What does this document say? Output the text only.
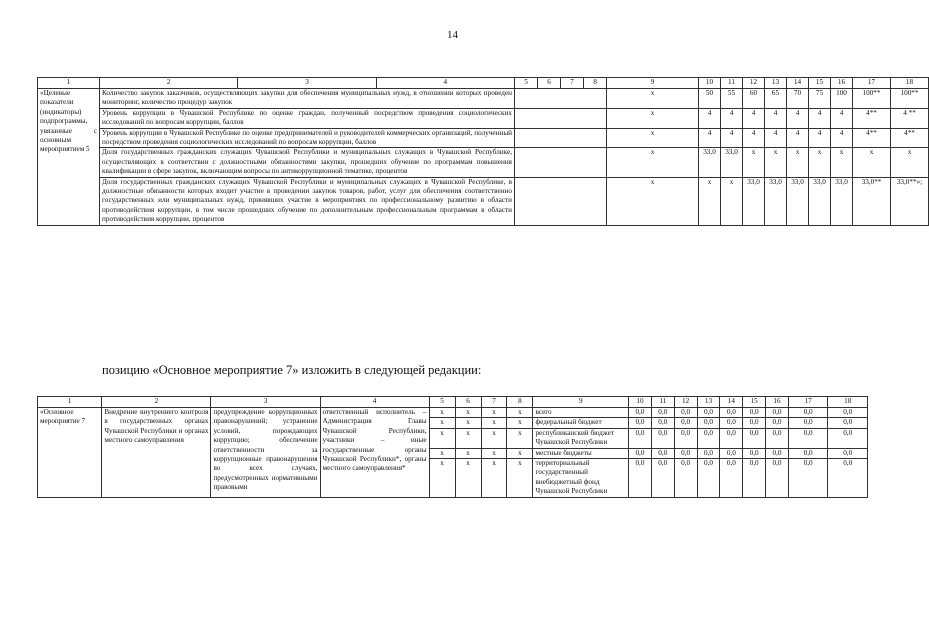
14
1	2 3 4	5	6	7	8	9	10	11	12	13	14	15	16	17	18
«Целевые показатели (индикаторы) подпрограммы, увязанные с основным мероприятием 5	Количество закупок заказчиков, осуществляющих закупки для обеспечения муниципальных нужд, в отношении которых проведен мониторинг, количество процедур закупок					х	50	55	60	65	70	75	100	100**	100**
	Уровень коррупции в Чувашской Республике по оценке граждан, полученный посредством проведения социологических исследований по вопросам коррупции, баллов					х	4	4	4	4	4	4	4	4**	4 **
	Уровень коррупции в Чувашской Республике по оценке предпринимателей и руководителей коммерческих организаций, полученный посредством проведения социологических исследований по вопросам коррупции, баллов					х	4	4	4	4	4	4	4	4**	4**
	Доля государственных гражданских служащих Чувашской Республики и муниципальных служащих в Чувашской Республике, осуществляющих в соответствии с должностными обязанностями закупки, прошедших обучение по программам повышения квалификации в сфере закупок, включающим вопросы по антикоррупционной тематике, процентов					х	33,0	33,0	х	х	х	х	х	х	х
	Доля государственных гражданских служащих Чувашской Республики и муниципальных служащих в Чувашской Республике, в должностные обязанности которых входит участие в проведении закупок товаров, работ, услуг для обеспечения соответственно государственных или муниципальных нужд, принявших участие в мероприятиях по профессиональному развитию в области противодействия коррупции, в том числе прошедших обучение по дополнительным профессиональным программам в области противодействия коррупции, процентов					х	х	х	33,0	33,0	33,0	33,0	33,0	33,0**	33,0**»;
позицию «Основное мероприятие 7» изложить в следующей редакции:
1	2	3	4	5	6	7	8	9	10	11	12	13	14	15	16	17	18
«Основное мероприятие 7	Внедрение внутреннего контроля в государственных органах Чувашской Республики и органах местного самоуправления	предупреждение коррупционных правонарушений; устранение условий, порождающих коррупцию; обеспечение ответственности за коррупционные правонарушения во всех случаях, предусмотренных нормативными правовыми	ответственный исполнитель – Администрация Главы Чувашской Республики, участники – иные государственные органы Чувашской Республики*, органы местного самоуправления*	х	х	х	х	всего	0,0	0,0	0,0	0,0	0,0	0,0	0,0	0,0	0,0
				х	х	х	х	федеральный бюджет	0,0	0,0	0,0	0,0	0,0	0,0	0,0	0,0	0,0
				х	х	х	х	республиканский бюджет Чувашской Республики	0,0	0,0	0,0	0,0	0,0	0,0	0,0	0,0	0,0
				х	х	х	х	местные бюджеты	0,0	0,0	0,0	0,0	0,0	0,0	0,0	0,0	0,0
				х	х	х	х	территориальный государственный внебюджетный фонд Чувашской Республики	0,0	0,0	0,0	0,0	0,0	0,0	0,0	0,0	0,0
